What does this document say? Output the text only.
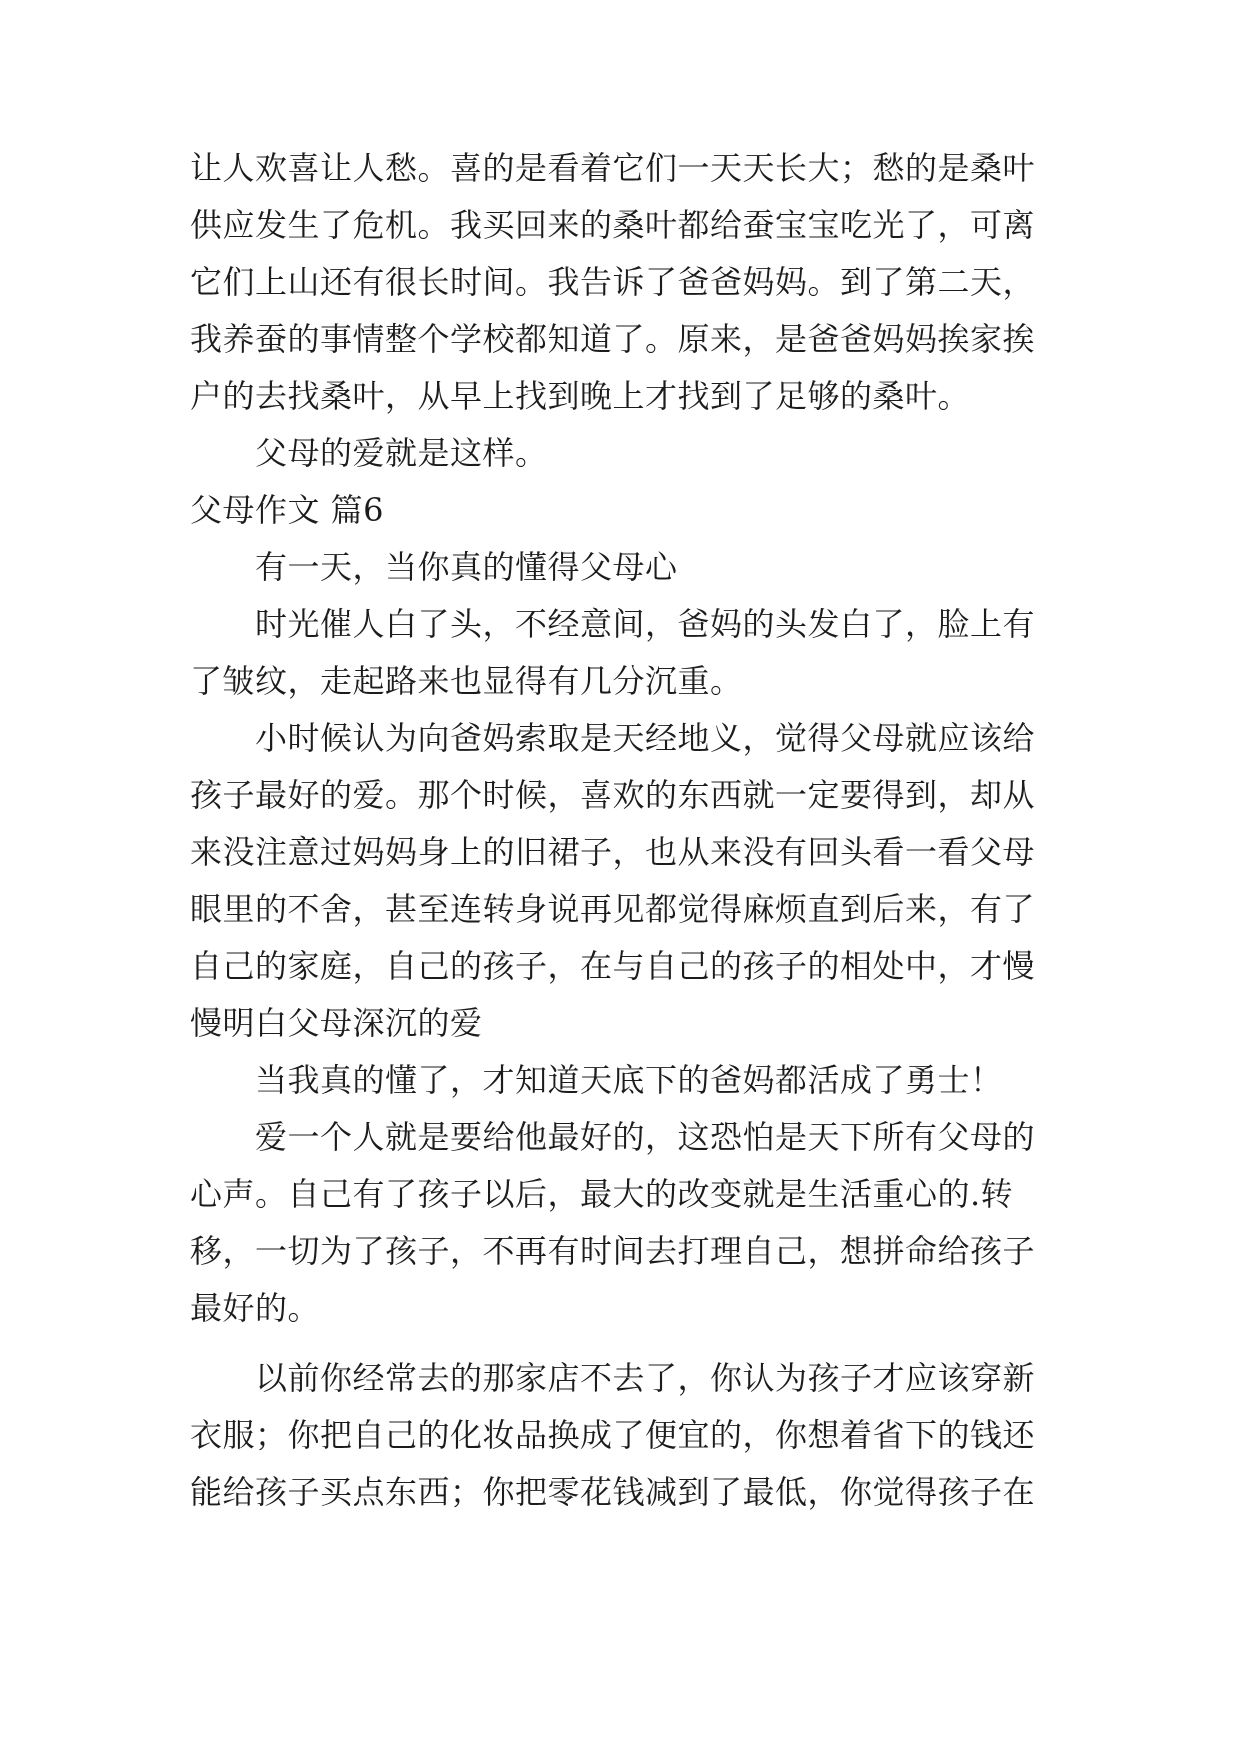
让人欢喜让人愁。喜的是看着它们一天天长大；愁的是桑叶
供应发生了危机。我买回来的桑叶都给蚕宝宝吃光了，可离
它们上山还有很长时间。我告诉了爸爸妈妈。到了第二天，
我养蚕的事情整个学校都知道了。原来，是爸爸妈妈挨家挨
户的去找桑叶，从早上找到晚上才找到了足够的桑叶。
父母的爱就是这样。
父母作文 篇6
有一天，当你真的懂得父母心
时光催人白了头，不经意间，爸妈的头发白了，脸上有
了皱纹，走起路来也显得有几分沉重。
小时候认为向爸妈索取是天经地义，觉得父母就应该给
孩子最好的爱。那个时候，喜欢的东西就一定要得到，却从
来没注意过妈妈身上的旧裙子，也从来没有回头看一看父母
眼里的不舍，甚至连转身说再见都觉得麻烦直到后来，有了
自己的家庭，自己的孩子，在与自己的孩子的相处中，才慢
慢明白父母深沉的爱
当我真的懂了，才知道天底下的爸妈都活成了勇士！
爱一个人就是要给他最好的，这恐怕是天下所有父母的
心声。自己有了孩子以后，最大的改变就是生活重心的.转
移，一切为了孩子，不再有时间去打理自己，想拼命给孩子
最好的。
以前你经常去的那家店不去了，你认为孩子才应该穿新
衣服；你把自己的化妆品换成了便宜的，你想着省下的钱还
能给孩子买点东西；你把零花钱减到了最低，你觉得孩子在
